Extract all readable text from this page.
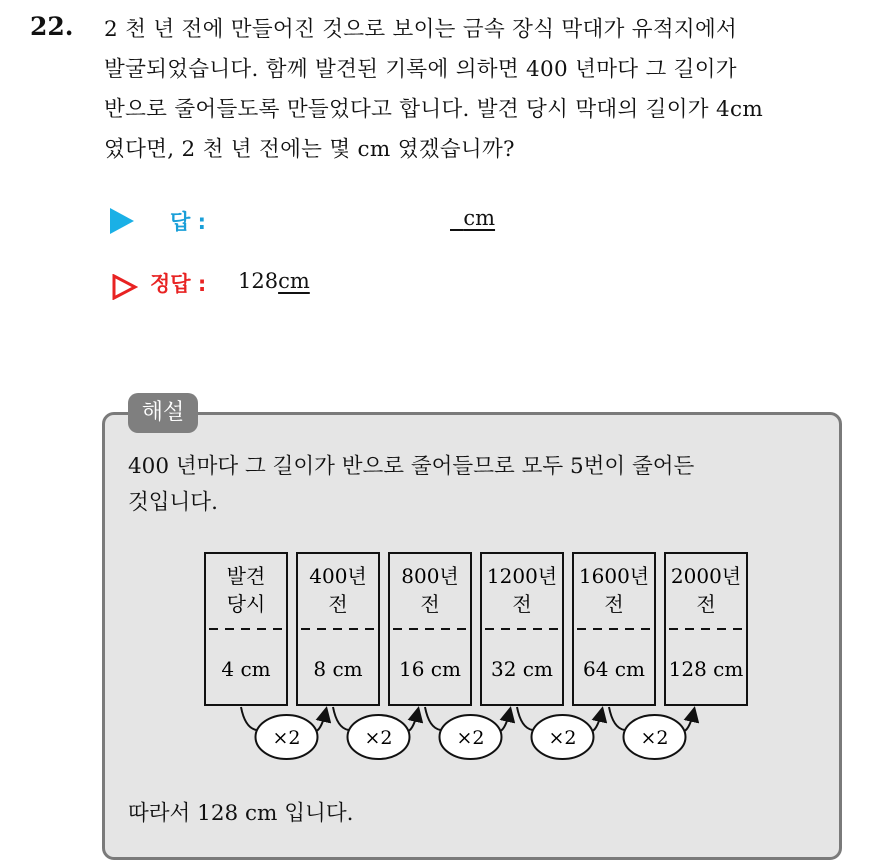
22. 2 천 년 전에 만들어진 것으로 보이는 금속 장식 막대가 유적지에서
발굴되었습니다. 함께 발견된 기록에 의하면 400 년마다 그 길이가
반으로 줄어들도록 만들었다고 합니다. 발견 당시 막대의 길이가 4cm
였다면, 2 천 년 전에는 몇 cm 였겠습니까?
답 :	cm
정답 : 128cm
해설
400 년마다 그 길이가 반으로 줄어들므로 모두 5번이 줄어든
것입니다.
발견
당시
4 cm
400년
전
8 cm
800년
전
16 cm
1200년
전
32 cm
1600년
전
64 cm
2000년
전
128 cm
×2	×2	×2	×2	×2
따라서 128 cm 입니다.
